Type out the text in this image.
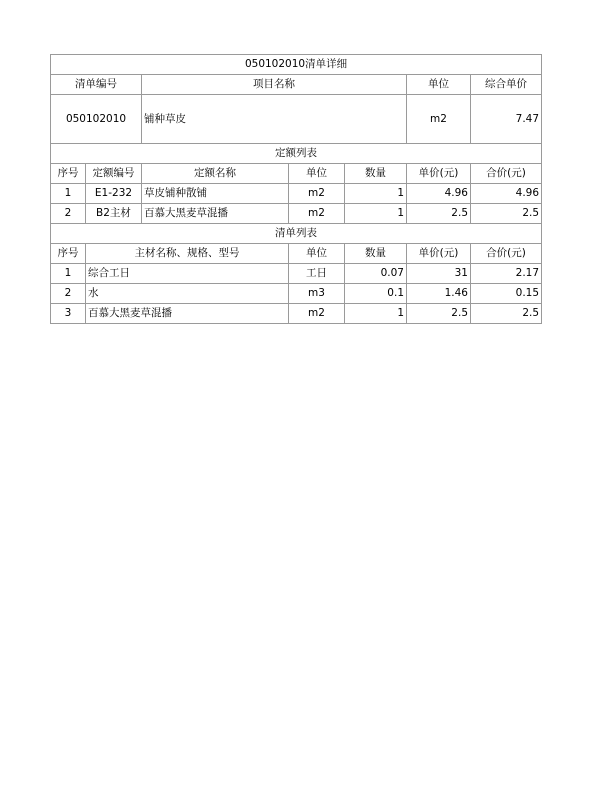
050102010清单详细						
清单编号		项目名称			单位	综合单价
050102010		铺种草皮			m2	7.47
定额列表						
序号	定额编号	定额名称	单位	数量	单价(元)	合价(元)
1	E1-232	草皮铺种散铺	m2	1	4.96	4.96
2	B2主材	百慕大黑麦草混播	m2	1	2.5	2.5
清单列表						
序号	主材名称、规格、型号		单位	数量	单价(元)	合价(元)
1	综合工日		工日	0.07	31	2.17
2	水		m3	0.1	1.46	0.15
3	百慕大黑麦草混播		m2	1	2.5	2.5
